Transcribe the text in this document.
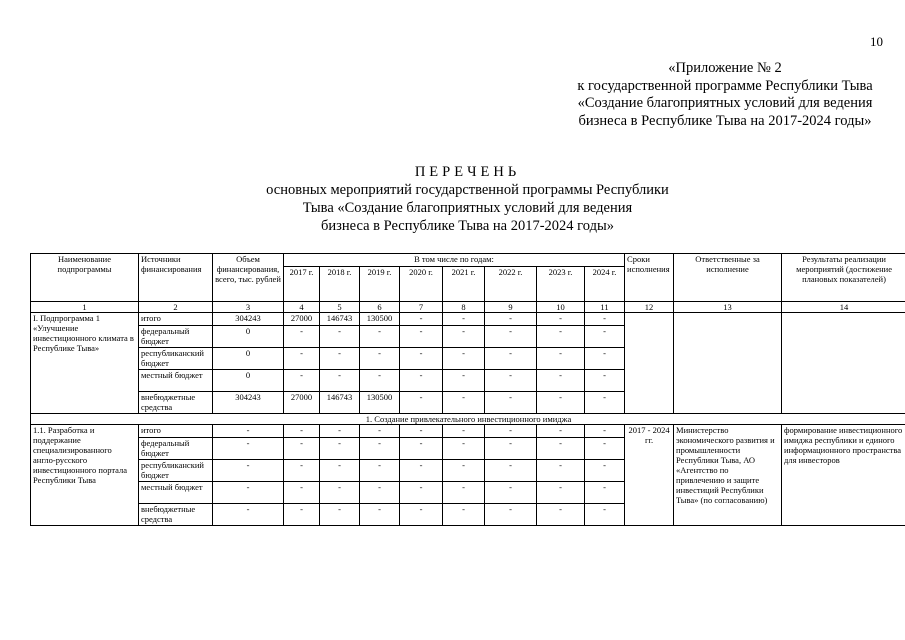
10
«Приложение № 2
к государственной программе Республики Тыва
«Создание благоприятных условий для ведения
бизнеса в Республике Тыва на 2017-2024 годы»
ПЕРЕЧЕНЬ
основных мероприятий государственной программы Республики
Тыва «Создание благоприятных условий для ведения
бизнеса в Республике Тыва на 2017-2024 годы»
Наименование подпрограммы	Источники финансирования	Объем финансирования, всего, тыс. рублей	В том числе по годам:								Сроки исполнения	Ответственные за исполнение	Результаты реализации мероприятий (достижение плановых показателей)
			2017 г.	2018 г.	2019 г.	2020 г.	2021 г.	2022 г.	2023 г.	2024 г.			
1	2	3	4	5	6	7	8	9	10	11	12	13	14
I. Подпрограмма 1 «Улучшение инвестиционного климата в Республике Тыва»	итого	304243	27000	146743	130500	-	-	-	-	-			
	федеральный бюджет	0	-	-	-	-	-	-	-	-			
	республиканский бюджет	0	-	-	-	-	-	-	-	-			
	местный бюджет	0	-	-	-	-	-	-	-	-			
	внебюджетные средства	304243	27000	146743	130500	-	-	-	-	-			
1. Создание привлекательного инвестиционного имиджа													
1.1. Разработка и поддержание специализированного англо-русского инвестиционного портала Республики Тыва	итого	-	-	-	-	-	-	-	-	-	2017 - 2024 гг.	Министерство экономического развития и промышленности Республики Тыва, АО «Агентство по привлечению и защите инвестиций Республики Тыва» (по согласованию)	формирование инвестиционного имиджа республики и единого информационного пространства для инвесторов
	федеральный бюджет	-	-	-	-	-	-	-	-	-			
	республиканский бюджет	-	-	-	-	-	-	-	-	-			
	местный бюджет	-	-	-	-	-	-	-	-	-			
	внебюджетные средства	-	-	-	-	-	-	-	-	-			
